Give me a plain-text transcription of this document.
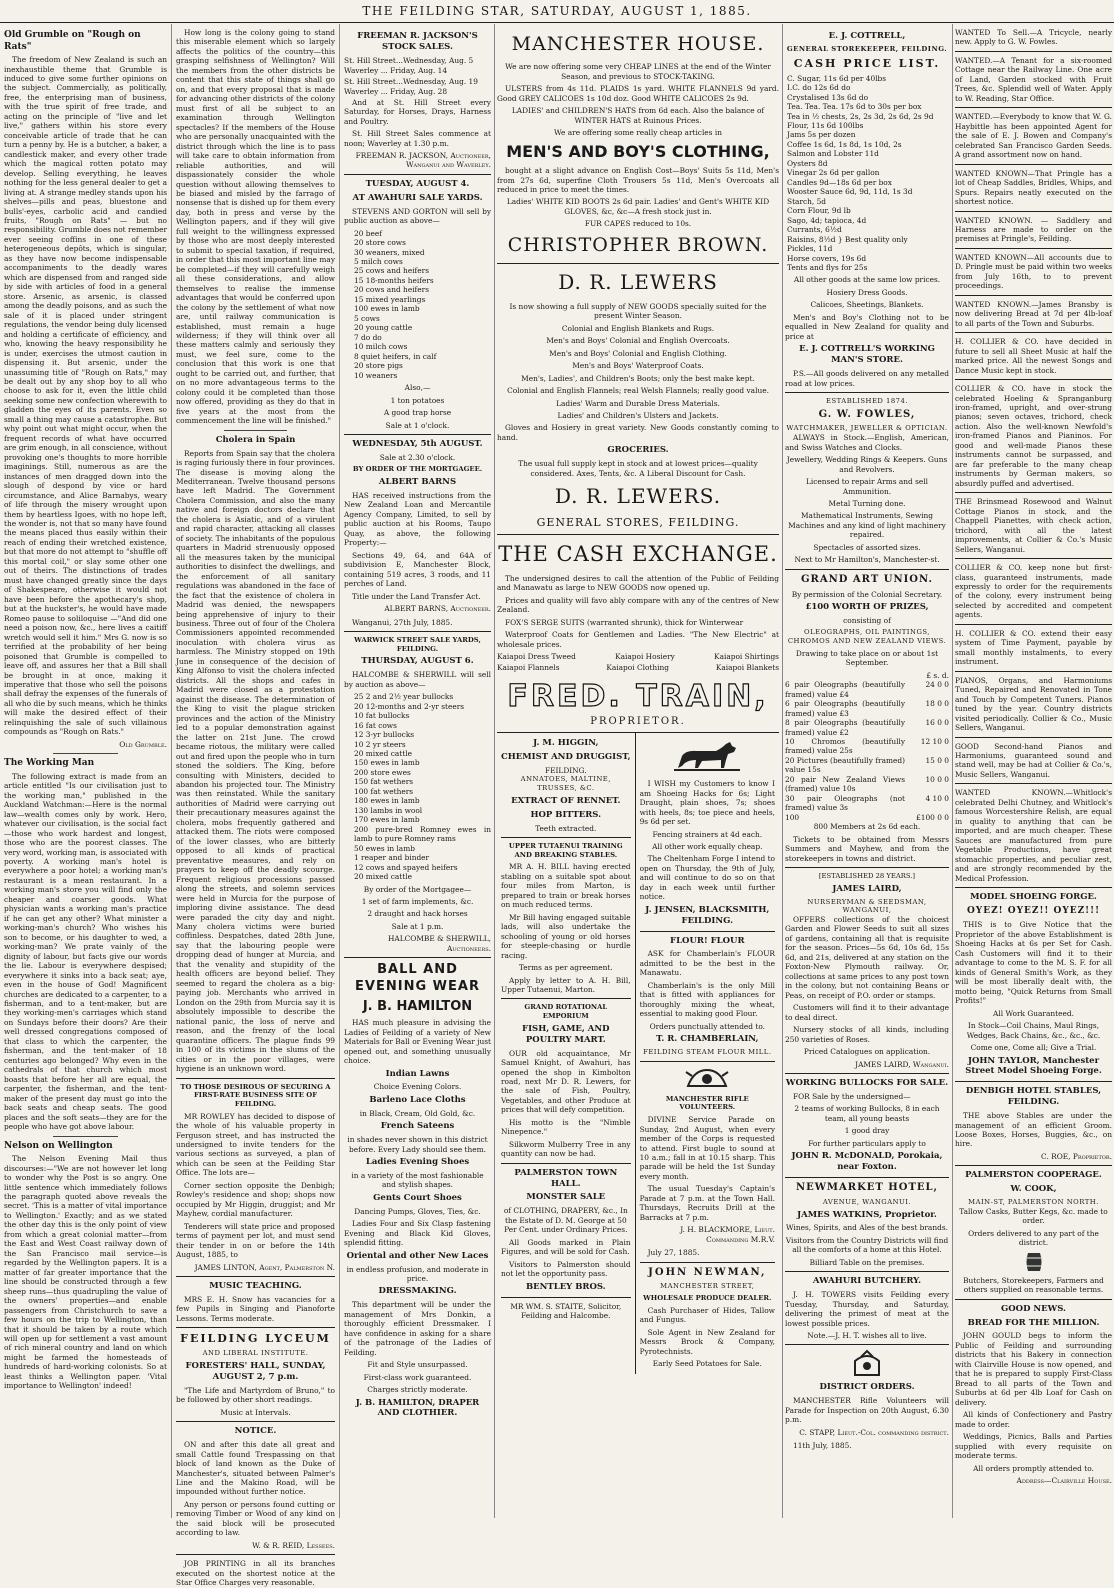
THE FEILDING STAR, SATURDAY, AUGUST 1, 1885.
Old Grumble on "Rough on Rats"

The freedom of New Zealand is such an inexhaustible theme that Grumble is induced to give some further opinions on the subject. Commercially, as politically, free, the enterprising man of business, with the true spirit of free trade, and acting on the principle of "live and let live," gathers within his store every conceivable article of trade that he can turn a penny by. He is a butcher, a baker, a candlestick maker, and every other trade which the magical rotten potato may develop. Selling everything, he leaves nothing for the less general dealer to get a living at. A strange medley stands upon his shelves—pills and peas, bluestone and bulls'-eyes, carbolic acid and candied fruits, "Rough on Rats" — but no responsibility. Grumble does not remember ever seeing coffins in one of these heterogeneous depôts, which is singular, as they have now become indispensable accompaniments to the deadly wares which are dispensed from and ranged side by side with articles of food in a general store. Arsenic, as arsenic, is classed among the deadly poisons, and as such the sale of it is placed under stringent regulations, the vendor being duly licensed and holding a certificate of efficiency, and who, knowing the heavy responsibility he is under, exercises the utmost caution in dispensing it. But arsenic, under the unassuming title of "Rough on Rats," may be dealt out by any shop boy to all who choose to ask for it, even the little child seeking some new confection wherewith to gladden the eyes of its parents. Even so small a thing may cause a catastrophe. But why point out what might occur, when the frequent records of what have occurred are grim enough, in all conscience, without provoking one's thoughts to more horrible imaginings. Still, numerous as are the instances of men dragged down into the slough of despond by vice or hard circumstance, and Alice Barnabys, weary of life through the misery wrought upon them by heartless Igoes, with no hope left, the wonder is, not that so many have found the means placed thus easily within their reach of ending their wretched existence, but that more do not attempt to "shuffle off this mortal coil," or slay some other one out of theirs. The distinctions of trades must have changed greatly since the days of Shakespeare, otherwise it would not have been before the apothecary's shop, but at the huckster's, he would have made Romeo pause to soliloquise —"And did one need a poison now, &c., here lives a caitiff wretch would sell it him." Mrs G. now is so terrified at the probability of her being poisoned that Grumble is compelled to leave off, and assures her that a Bill shall be brought in at once, making it imperative that those who sell the poisons shall defray the expenses of the funerals of all who die by such means, which he thinks will make the desired effect of their relinquishing the sale of such villainous compounds as "Rough on Rats."

Old Grumble.
The Working Man

The following extract is made from an article entitled "Is our civilisation just to the working man," published in the Auckland Watchman:—Here is the normal law—wealth comes only by work. Hero, whatever our civilisation, is the social fact—those who work hardest and longest, those who are the poorest classes. The very word, working man, is associated with poverty. A working man's hotel is everywhere a poor hotel; a working man's restaurant is a mean restaurant. In a working man's store you will find only the cheaper and coarser goods. What physician wants a working man's practice if he can get any other? What minister a working-man's church? Who wishes his son to become, or his daughter to wed, a working-man? We prate vainly of the dignity of labour, but facts give our words the lie. Labour is everywhere despised; everywhere it sinks into a back seat; aye, even in the house of God! Magnificent churches are dedicated to a carpenter, to a fisherman, and to a tent-maker, but are they working-men's carriages which stand on Sundays before their doors? Are their well dressed congregations composed of that class to which the carpenter, the fisherman, and the tent-maker of 18 centuries ago belonged? Why even in the cathedrals of that church which most boasts that before her all are equal, the carpenter, the fisherman, and the tent-maker of the present day must go into the back seats and cheap seats. The good places and the soft seats—they are for the people who have got above labour.

Nelson on Wellington

The Nelson Evening Mail thus discourses:—"We are not however let long to wonder why the Post is so angry. One little sentence which immediately follows the paragraph quoted above reveals the secret. 'This is a matter of vital importance to Wellington.' Exactly; and as we stated the other day this is the only point of view from which a great colonial matter—from the East and West Coast railway down of the San Francisco mail service—is regarded by the Wellington papers. It is a matter of far greater importance that the line should be constructed through a few sheep runs—thus quadrupling the value of the owners' properties—and enable passengers from Christchurch to save a few hours on the trip to Wellington, than that it should be taken by a route which will open up for settlement a vast amount of rich mineral country and land on which might be farmed the homesteads of hundreds of hard-working colonists. So at least thinks a Wellington paper. 'Vital importance to Wellington' indeed!

How long is the colony going to stand this miserable element which so largely affects the politics of the country—this grasping selfishness of Wellington? Will the members from the other districts be content that this state of things shall go on, and that every proposal that is made for advancing other districts of the colony must first of all be subject to an examination through Wellington spectacles? If the members of the House who are personally unacquainted with the district through which the line is to pass will take care to obtain information from reliable authorities, and will dispassionately consider the whole question without allowing themselves to be biased and misled by the farrago of nonsense that is dished up for them every day, both in press and verse by the Wellington papers, and if they will give full weight to the willingness expressed by those who are most deeply interested to submit to special taxation, if required, in order that this most important line may be completed—if they will carefully weigh all these considerations, and allow themselves to realise the immense advantages that would be conferred upon the colony by the settlement of what now are, until railway communication is established, must remain a huge wilderness; if they will think over all these matters calmly and seriously they must, we feel sure, come to the conclusion that this work is one that ought to be carried out, and further, that on no more advantageous terms to the colony could it be completed than those now offered, providing as they do that in five years at the most from the commencement the line will be finished."

Cholera in Spain

Reports from Spain say that the cholera is raging furiously there in four provinces. The disease is moving along the Mediterranean. Twelve thousand persons have left Madrid. The Government Cholera Commission, and also the many native and foreign doctors declare that the cholera is Asiatic, and of a virulent and rapid character, attacking all classes of society. The inhabitants of the populous quarters in Madrid strenuously opposed all the measures taken by the municipal authorities to disinfect the dwellings, and the enforcement of all sanitary regulations was abandoned in the face of the fact that the existence of cholera in Madrid was denied, the newspapers being apprehensive of injury to their business. Three out of four of the Cholera Commissioners appointed recommended inoculation with cholera virus as harmless. The Ministry stopped on 19th June in consequence of the decision of King Alfonso to visit the cholera infected districts. All the shops and cafes in Madrid were closed as a protestation against the disease. The determination of the King to visit the plague stricken provinces and the action of the Ministry led to a popular demonstration against the latter on 21st June. The crowd became riotous, the military were called out and fired upon the people who in turn stoned the soldiers. The King, before consulting with Ministers, decided to abandon his projected tour. The Ministry was then reinstated. While the sanitary authorities of Madrid were carrying out their precautionary measures against the cholera, mobs frequently gathered and attacked them. The riots were composed of the lower classes, who are bitterly opposed to all kinds of practical preventative measures, and rely on prayers to keep off the deadly scourge. Frequent religious processions passed along the streets, and solemn services were held in Murcia for the purpose of imploring divine assistance. The dead were paraded the city day and night. Many cholera victims were buried coffinless. Despatches, dated 28th June, say that the labouring people were dropping dead of hunger at Murcia, and that the venality and stupidity of the health officers are beyond belief. They seemed to regard the cholera as a big-paying job. Merchants who arrived in London on the 29th from Murcia say it is absolutely impossible to describe the national panic, the loss of nerve and reason, and the frenzy of the local quarantine officers. The plague finds 99 in 100 of its victims in the slums of the cities or in the poor villages, were hygiene is an unknown word.

TO THOSE DESIROUS OF SECURING A FIRST-RATE BUSINESS SITE OF FEILDING.

MR ROWLEY has decided to dispose of the whole of his valuable property in Ferguson street, and has instructed the undersigned to invite tenders for the various sections as surveyed, a plan of which can be seen at the Feilding Star Office. The lots are—

Corner section opposite the Denbigh; Rowley's residence and shop; shops now occupied by Mr Higgin, druggist; and Mr Mayhew, cordial manufacturer.

Tenderers will state price and proposed terms of payment per lot, and must send their tender in on or before the 14th August, 1885, to

JAMES LINTON, Agent, Palmerston N.
MUSIC TEACHING.

MRS E. H. Snow has vacancies for a few Pupils in Singing and Pianoforte Lessons. Terms moderate.

FEILDING LYCEUM
AND LIBERAL INSTITUTE.
FORESTERS' HALL, SUNDAY, AUGUST 2, 7 p.m.

"The Life and Martyrdom of Bruno," to be followed by other short readings.

Music at Intervals.

NOTICE.

ON and after this date all great and small Cattle found Trespassing on that block of land known as the Duke of Manchester's, situated between Palmer's Line and the Makino Road, will be impounded without further notice.

Any person or persons found cutting or removing Timber or Wood of any kind on the said block will be prosecuted according to law.

W. & R. REID, Lessees.

JOB PRINTING in all its branches executed on the shortest notice at the Star Office Charges very reasonable.

FREEMAN R. JACKSON'S STOCK SALES.
St. Hill Street...Wednesday, Aug. 5
Waverley ... Friday, Aug. 14
St. Hill Street...Wednesday, Aug. 19
Waverley ... Friday, Aug. 28

And at St. Hill Street every Saturday, for Horses, Drays, Harness and Poultry.

St. Hill Street Sales commence at noon; Waverley at 1.30 p.m.

FREEMAN R. JACKSON, Auctioneer, Wanganui and Waverley.
TUESDAY, AUGUST 4.
AT AWAHURI SALE YARDS.

STEVENS AND GORTON will sell by public auction as above—

20 beef
20 store cows
30 weaners, mixed
5 milch cows
25 cows and heifers
15 18-months heifers
20 cows and heifers
15 mixed yearlings
100 ewes in lamb
5 cows
20 young cattle
7 do do
10 milch cows
8 quiet heifers, in calf
20 store pigs
10 weaners

Also,—

1 ton potatoes

A good trap horse

Sale at 1 o'clock.

WEDNESDAY, 5th AUGUST.

Sale at 2.30 o'clock.

BY ORDER OF THE MORTGAGEE.
ALBERT BARNS

HAS received instructions from the New Zealand Loan and Mercantile Agency Company, Limited, to sell by public auction at his Rooms, Taupo Quay, as above, the following Property:—

Sections 49, 64, and 64A of subdivision E, Manchester Block, containing 519 acres, 3 roods, and 11 perches of Land.

Title under the Land Transfer Act.

ALBERT BARNS, Auctioneer.

Wanganui, 27th July, 1885.

WARWICK STREET SALE YARDS, FEILDING.
THURSDAY, AUGUST 6.

HALCOMBE & SHERWILL will sell by auction as above—

25 2 and 2½ year bullocks
20 12-months and 2-yr steers
10 fat bullocks
16 fat cows
12 3-yr bullocks
10 2 yr steers
20 mixed cattle
150 ewes in lamb
200 store ewes
150 fat wethers
100 fat wethers
180 ewes in lamb
130 lambs in wool
170 ewes in lamb
200 pure-bred Romney ewes in lamb to pure Romney rams
50 ewes in lamb
1 reaper and binder
12 cows and spayed heifers
20 mixed cattle

By order of the Mortgagee—

1 set of farm implements, &c.

2 draught and hack horses

Sale at 1 p.m.

HALCOMBE & SHERWILL, Auctioneers.
BALL AND EVENING WEAR
J. B. HAMILTON

HAS much pleasure in advising the Ladies of Feilding of a variety of New Materials for Ball or Evening Wear just opened out, and something unusually choice.

Indian Lawns

Choice Evening Colors.

Barleno Lace Cloths

in Black, Cream, Old Gold, &c.

French Sateens

in shades never shown in this district before. Every Lady should see them.

Ladies Evening Shoes

in a variety of the most fashionable and stylish shapes.

Gents Court Shoes

Dancing Pumps, Gloves, Ties, &c.

Ladies Four and Six Clasp fastening Evening and Black Kid Gloves, splendid fitting.

Oriental and other New Laces

in endless profusion, and moderate in price.

DRESSMAKING.

This department will be under the management of Mrs Donkin, a thoroughly efficient Dressmaker. I have confidence in asking for a share of the patronage of the Ladies of Feilding.

Fit and Style unsurpassed.

First-class work guaranteed.

Charges strictly moderate.

J. B. HAMILTON, DRAPER AND CLOTHIER.
MANCHESTER HOUSE.

We are now offering some very CHEAP LINES at the end of the Winter Season, and previous to STOCK-TAKING.

ULSTERS from 4s 11d. PLAIDS 1s yard. WHITE FLANNELS 9d yard. Good GREY CALICOES 1s 10d doz. Good WHITE CALICOES 2s 9d.

LADIES' and CHILDREN'S HATS from 6d each. Also the balance of WINTER HATS at Ruinous Prices.

We are offering some really cheap articles in

MEN'S AND BOY'S CLOTHING,

bought at a slight advance on English Cost—Boys' Suits 5s 11d, Men's from 27s 6d, superfine Cloth Trousers 5s 11d, Men's Overcoats all reduced in price to meet the times.

Ladies' WHITE KID BOOTS 2s 6d pair. Ladies' and Gent's WHITE KID GLOVES, &c, &c—A fresh stock just in.

FUR CAPES reduced to 10s.

CHRISTOPHER BROWN.
D. R. LEWERS

Is now showing a full supply of NEW GOODS specially suited for the present Winter Season.

Colonial and English Blankets and Rugs.

Men's and Boys' Colonial and English Overcoats.

Men's and Boys' Colonial and English Clothing.

Men's and Boys' Waterproof Coats.

Men's, Ladies', and Children's Boots; only the best make kept.

Colonial and English Flannels; real Welsh Flannels; really good value.

Ladies' Warm and Durable Dress Materials.

Ladies' and Children's Ulsters and Jackets.

Gloves and Hosiery in great variety. New Goods constantly coming to hand.

GROCERIES.

The usual full supply kept in stock and at lowest prices—quality considered. Axes, Tents, &c. A Liberal Discount for Cash.

D. R. LEWERS.
GENERAL STORES, FEILDING.
THE CASH EXCHANGE.

The undersigned desires to call the attention of the Public of Feilding and Manawatu as large to NEW GOODS now opened up.

Prices and quality will favo ably compare with any of the centres of New Zealand.

FOX'S SERGE SUITS (warranted shrunk), thick for Winterwear

Waterproof Coats for Gentlemen and Ladies. "The New Electric" at wholesale prices.

Kaiapoi Dress Tweed	Kaiapoi Hosiery	Kaiapoi Shirtings
Kaiapoi Flannels	Kaiapoi Clothing	Kaiapoi Blankets
FRED. TRAIN,
PROPRIETOR.
J. M. HIGGIN,
CHEMIST AND DRUGGIST,
FEILDING.

ANNATOES, MALTINE, TRUSSES, &C.

EXTRACT OF RENNET.
HOP BITTERS.

Teeth extracted.

UPPER TUTAENUI TRAINING AND BREAKING STABLES.

MR A. H. BILL having erected stabling on a suitable spot about four miles from Marton, is prepared to train or break horses on much reduced terms.

Mr Bill having engaged suitable lads, will also undertake the schooling of young or old horses for steeple-chasing or hurdle racing.

Terms as per agreement.

Apply by letter to A. H. Bill, Upper Tutaenui, Marton.

GRAND ROTATIONAL EMPORIUM
FISH, GAME, AND POULTRY MART.

OUR old acquaintance, Mr Samuel Knight, of Awahuri, has opened the shop in Kimbolton road, next Mr D. R. Lewers, for the sale of Fish, Poultry, Vegetables, and other Produce at prices that will defy competition.

His motto is the "Nimble Ninepence."

Silkworm Mulberry Tree in any quantity can now be had.

PALMERSTON TOWN HALL.
MONSTER SALE

of CLOTHING, DRAPERY, &c., In the Estate of D. M. George at 50 Per Cent. under Ordinary Prices.

All Goods marked in Plain Figures, and will be sold for Cash.

Visitors to Palmerston should not let the opportunity pass.

BENTLEY BROS.

MR WM. S. STAITE, Solicitor, Feilding and Halcombe.

I WISH my Customers to know I am Shoeing Hacks for 6s; Light Draught, plain shoes, 7s; shoes with heels, 8s; toe piece and heels, 9s 6d per set.

Fencing strainers at 4d each.

All other work equally cheap.

The Cheltenham Forge I intend to open on Thursday, the 9th of July, and will continue to do so on that day in each week until further notice.

J. JENSEN, BLACKSMITH, FEILDING.
FLOUR! FLOUR

ASK for Chamberlain's FLOUR admitted to be the best in the Manawatu.

Chamberlain's is the only Mill that is fitted with appliances for thoroughly mixing the wheat, essential to making good Flour.

Orders punctually attended to.

T. R. CHAMBERLAIN,

FEILDING STEAM FLOUR MILL.

MANCHESTER RIFLE VOLUNTEERS.

DIVINE Service Parade on Sunday, 2nd August, when every member of the Corps is requested to attend. First bugle to sound at 10 a.m.; fall in at 10.15 sharp. This parade will be held the 1st Sunday every month.

The usual Tuesday's Captain's Parade at 7 p.m. at the Town Hall. Thursdays, Recruits Drill at the Barracks at 7 p.m.

J. H. BLACKMORE, Lieut. Commanding M.R.V.

July 27, 1885.

JOHN NEWMAN,
MANCHESTER STREET,
WHOLESALE PRODUCE DEALER.

Cash Purchaser of Hides, Tallow and Fungus.

Sole Agent in New Zealand for Messrs Brock & Company, Pyrotechnists.

Early Seed Potatoes for Sale.

E. J. COTTRELL,
GENERAL STOREKEEPER, FEILDING.
CASH PRICE LIST.
C. Sugar, 11s 6d per 40lbs
I.C. do 12s 6d do
Crystalised 13s 6d do
Tea. Tea. Tea. 17s 6d to 30s per box
Tea in ½ chests, 2s, 2s 3d, 2s 6d, 2s 9d
Flour, 11s 6d 100lbs
Jams 5s per dozen
Coffee 1s 6d, 1s 8d, 1s 10d, 2s
Salmon and Lobster 11d
Oysters 8d
Vinegar 2s 6d per gallon
Candles 9d—18s 6d per box
Wooster Sauce 6d, 9d, 11d, 1s 3d
Starch, 5d
Corn Flour, 9d lb
Sago, 4d; tapioca, 4d
Currants, 6½d
Raisins, 8½d } Best quality only
Pickles, 11d
Horse covers, 19s 6d
Tents and flys for 25s

All other goods at the same low prices.

Hosiery Dress Goods.

Calicoes, Sheetings, Blankets.

Men's and Boy's Clothing not to be equalled in New Zealand for quality and price at

E. J. COTTRELL'S WORKING MAN'S STORE.

P.S.—All goods delivered on any metalled road at low prices.

ESTABLISHED 1874.
G. W. FOWLES,
WATCHMAKER, JEWELLER & OPTICIAN.

ALWAYS in Stock.—English, American, and Swiss Watches and Clocks.

Jewellery, Wedding Rings & Keepers. Guns and Revolvers.

Licensed to repair Arms and sell Ammunition.

Metal Turning done.

Mathematical Instruments, Sewing Machines and any kind of light machinery repaired.

Spectacles of assorted sizes.

Next to Mr Hamilton's, Manchester-st.

GRAND ART UNION.

By permission of the Colonial Secretary.

£100 WORTH OF PRIZES,

consisting of

OLEOGRAPHS, OIL PAINTINGS, CHROMOS AND NEW ZEALAND VIEWS.

Drawing to take place on or about 1st September.

£ s. d.
6 pair Oleographs (beautifully framed) value £4
24 0 0
6 pair Oleographs (beautifully framed) value £3
18 0 0
8 pair Oleographs (beautifully framed) value £2
16 0 0
10 Chromos (beautifully framed) value 25s
12 10 0
20 Pictures (beautifully framed) value 15s
15 0 0
20 pair New Zealand Views (framed) value 10s
10 0 0
30 pair Oleographs (not framed) value 3s
4 10 0
100	£100 0 0

800 Members at 2s 6d each.

Tickets to be obtained from Messrs Summers and Mayhew, and from the storekeepers in towns and district.

[ESTABLISHED 28 YEARS.]
JAMES LAIRD,
NURSERYMAN & SEEDSMAN, WANGANUI,

OFFERS collections of the choicest Garden and Flower Seeds to suit all sizes of gardens, containing all that is requisite for the season. Prices—5s 6d, 10s 6d, 15s 6d, and 21s, delivered at any station on the Foxton-New Plymouth railway. Or, collections at same prices to any post town in the colony, but not containing Beans or Peas, on receipt of P.O. order or stamps.

Customers will find it to their advantage to deal direct.

Nursery stocks of all kinds, including 250 varieties of Roses.

Priced Catalogues on application.

JAMES LAIRD, Wanganui.
WORKING BULLOCKS FOR SALE.

FOR Sale by the undersigned—

2 teams of working Bullocks, 8 in each team, all young beasts

1 good dray

For further particulars apply to

JOHN R. McDONALD, Porokaia, near Foxton.
NEWMARKET HOTEL,
AVENUE, WANGANUI.
JAMES WATKINS, Proprietor.

Wines, Spirits, and Ales of the best brands.

Visitors from the Country Districts will find all the comforts of a home at this Hotel.

Billiard Table on the premises.

AWAHURI BUTCHERY.

J. H. TOWERS visits Feilding every Tuesday, Thursday, and Saturday, delivering the primest of meat at the lowest possible prices.

Note.—J. H. T. wishes all to live.

DISTRICT ORDERS.

MANCHESTER Rifle Volunteers will Parade for Inspection on 20th August, 6.30 p.m.

C. STAPP, Lieut.-Col. commanding district.

11th July, 1885.

WANTED To Sell.—A Tricycle, nearly new. Apply to G. W. Fowles.

WANTED.—A Tenant for a six-roomed Cottage near the Railway Line. One acre of Land, Garden stocked with Fruit Trees, &c. Splendid well of Water. Apply to W. Reading, Star Office.

WANTED.—Everybody to know that W. G. Haybittle has been appointed Agent for the sale of E. J. Bowen and Company's celebrated San Francisco Garden Seeds. A grand assortment now on hand.

WANTED KNOWN—That Pringle has a lot of Cheap Saddles, Bridles, Whips, and Spurs. Repairs neatly executed on the shortest notice.

WANTED KNOWN. — Saddlery and Harness are made to order on the premises at Pringle's, Feilding.

WANTED KNOWN—All accounts due to D. Pringle must be paid within two weeks from July 16th, to to prevent proceedings.

WANTED KNOWN.—James Bransby is now delivering Bread at 7d per 4lb-loaf to all parts of the Town and Suburbs.

H. COLLIER & CO. have decided in future to sell all Sheet Music at half the marked price. All the newest Songs and Dance Music kept in stock.

COLLIER & CO. have in stock the celebrated Hoeling & Spranganburg iron-framed, upright, and over-strung pianos; seven octaves, trichord, check action. Also the well-known Newfold's iron-framed Pianos and Pianinos. For good and well-made Pianos these instruments cannot be surpassed, and are far preferable to the many cheap instruments by German makers, so absurdly puffed and advertised.

THE Brinsmead Rosewood and Walnut Cottage Pianos in stock, and the Chappell Pianettes, with check action, trichord, with all the latest improvements, at Collier & Co.'s Music Sellers, Wanganui.

COLLIER & CO. keep none but first-class, guaranteed instruments, made expressly to order for the requirements of the colony, every instrument being selected by accredited and competent agents.

H. COLLIER & CO. extend their easy system of Time Payment, payable by small monthly instalments, to every instrument.

PIANOS, Organs, and Harmoniums Tuned, Repaired and Renovated in Tone and Touch by Competent Tuners. Pianos tuned by the year. Country districts visited periodically. Collier & Co., Music Sellers, Wanganui.

GOOD Second-hand Pianos and Harmoniums, guaranteed sound and stand well, may be had at Collier & Co.'s, Music Sellers, Wanganui.

WANTED KNOWN.—Whitlock's celebrated Delhi Chutney, and Whitlock's famous Worcestershire Relish, are equal in quality to anything that can be imported, and are much cheaper. These Sauces are manufactured from pure Vegetable Productions, have great stomachic properties, and peculiar zest, and are strongly recommended by the Medical Profession.

MODEL SHOEING FORGE.
OYEZ! OYEZ!! OYEZ!!!

THIS is to Give Notice that the Proprietor of the above Establishment is Shoeing Hacks at 6s per Set for Cash. Cash Customers will find it to their advantage to come to the M. S. F. for all kinds of General Smith's Work, as they will be most liberally dealt with, the motto being, "Quick Returns from Small Profits!"

All Work Guaranteed.

In Stock—Coil Chains, Maul Rings, Wedges, Back Chains, &c., &c., &c.

Come one, Come all; Give a Trial.

JOHN TAYLOR, Manchester Street Model Shoeing Forge.
DENBIGH HOTEL STABLES, FEILDING.

THE above Stables are under the management of an efficient Groom. Loose Boxes, Horses, Buggies, &c., on hire.

C. ROE, Proprietor.
PALMERSTON COOPERAGE.
W. COOK,
MAIN-ST, PALMERSTON NORTH.

Tallow Casks, Butter Kegs, &c. made to order.

Orders delivered to any part of the district.

Butchers, Storekeepers, Farmers and others supplied on reasonable terms.

GOOD NEWS.
BREAD FOR THE MILLION.

JOHN GOULD begs to inform the Public of Feilding and surrounding districts that his Bakery in connection with Clairville House is now opened, and that he is prepared to supply First-Class Bread to all parts of the Town and Suburbs at 6d per 4lb Loaf for Cash on delivery.

All kinds of Confectionery and Pastry made to order.

Weddings, Picnics, Balls and Parties supplied with every requisite on moderate terms.

All orders promptly attended to.

Address—Clairville House.
